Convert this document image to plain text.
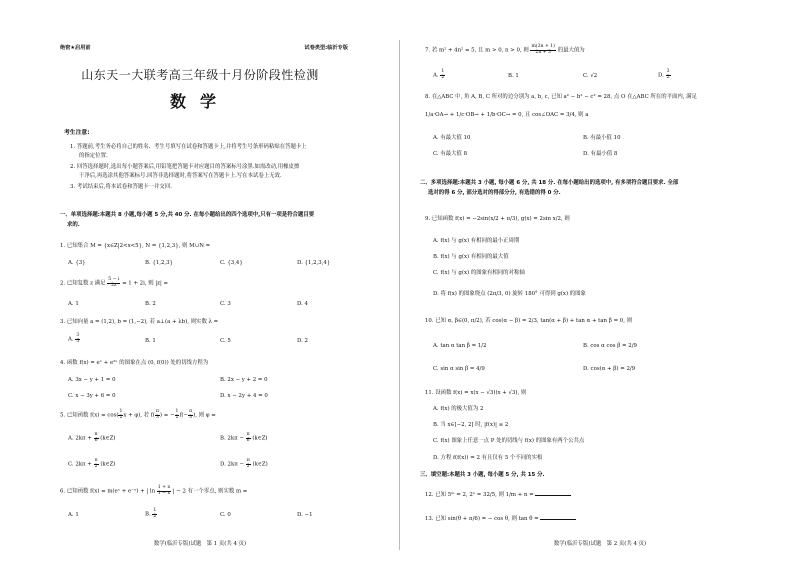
绝密★启用前	试卷类型:临沂专版
山东天一大联考高三年级十月份阶段性检测
数学
考生注意:
1. 答题前,考生务必将自己的姓名、考生号填写在试卷和答题卡上,并将考生号条形码粘贴在答题卡上
的指定位置.
2. 回答选择题时,选出每小题答案后,用铅笔把答题卡对应题目的答案标号涂黑.如需改动,用橡皮擦
干净后,再选涂其他答案标号.回答非选择题时,将答案写在答题卡上.写在本试卷上无效.
3. 考试结束后,将本试卷和答题卡一并交回.
一、单项选择题:本题共 8 小题,每小题 5 分,共 40 分. 在每小题给出的四个选项中,只有一项是符合题目要
求的.
1. 已知集合 M = {x∈Z|2<x<5}, N = {1,2,3}, 则 M∪N =
A. {3}	B. {1,2,3}	C. {3,4}	D. {1,2,3,4}
2. 已知复数 z 满足 $\frac{5 - i}{2z} = 1 + 2i$, 则 |z| =
A. 1	B. 2	C. 3	D. 4
3. 已知向量 a = (1,2), b = (1,−2), 若 a⊥(a + λb), 则实数 λ =
A. $\frac{3}{5}$	B. 1	C. 5	D. 2
4. 函数 f(x) = eˣ + e²ˣ 的图象在点 (0, f(0)) 处的切线方程为
A. 3x − y + 1 = 0	B. 2x − y + 2 = 0
C. x − 3y + 6 = 0	D. x − 2y + 4 = 0
5. 已知函数 $f(x) = \cos( \frac{1}{2}$ x + φ), 若 $f( \frac{\pi}{3}$ ) = − $\frac{1}{2} f(- \frac{\pi}{3}$ ), 则 φ =
A. $2k\pi + \frac{\pi}{6}$ (k∈Z)	B. $2k\pi - \frac{\pi}{6}$ (k∈Z)
C. $2k\pi + \frac{\pi}{2}$ (k∈Z)	D. $2k\pi - \frac{\pi}{2}$ (k∈Z)
6. 已知函数 f(x) = m(eˣ + e⁻ˣ) + | $\ln \frac{1 + x}{1 - x}$ | − 2 有一个零点, 则实数 m =
A. 1	B. $\frac{1}{2}$	C. 0	D. −1
数学(临沂专版)试题　第 1 页(共 4 页)
7. 若 m² + 4n² = 5, 且 m > 0, n > 0, 则 $\frac{m(2n + 1)}{2n + 3}$ 的最大值为
A. $\frac{1}{2}$	B. 1	C. √2	D. $\frac{3}{2}$
8. 在△ABC 中, 角 A, B, C 所对的边分别为 a, b, c, 已知 a² − b² − c² = 28, 点 O 在△ABC 所在的平面内, 满足
1/a·OA→ + 1/c·OB→ + 1/b·OC→ = 0, 且 cos∠OAC = 3/4, 则 a
A. 有最大值 10	B. 有最小值 10
C. 有最大值 8	D. 有最小值 8
二、多项选择题:本题共 3 小题, 每小题 6 分, 共 18 分. 在每小题给出的选项中, 有多项符合题目要求. 全部
选对的得 6 分, 部分选对的得部分分, 有选错的得 0 分.
9. 已知函数 f(x) = −2sin(x/2 + π/3), g(x) = 2sin x/2, 则
A. f(x) 与 g(x) 有相同的最小正周期
B. f(x) 与 g(x) 有相同的最大值
C. f(x) 与 g(x) 的图象有相同的对称轴
D. 将 f(x) 的图象绕点 (2π/3, 0) 旋转 180° 可得到 g(x) 的图象
10. 已知 α, β∈(0, π/2), 若 cos(α − β) = 2/3, tan(α + β) + tan α + tan β = 0, 则
A. tan α tan β = 1/2	B. cos α cos β = 2/9
C. sin α sin β = 4/9	D. cos(α + β) = 2/9
11. 设函数 f(x) = x(x − √3)(x + √3), 则
A. f(x) 的极大值为 2
B. 当 x∈[−2, 2] 时, |f(x)| ≤ 2
C. f(x) 图象上任意一点 P 处的切线与 f(x) 的图象有两个公共点
D. 方程 f(f(x)) = 2 有且仅有 5 个不同的实根
三、填空题:本题共 3 小题, 每小题 5 分, 共 15 分.
12. 已知 5ᵐ = 2, 2ⁿ = 32/5, 则 1/m + n =
13. 已知 sin(θ + π/6) = − cos θ, 则 tan θ =
数学(临沂专版)试题　第 2 页(共 4 页)
